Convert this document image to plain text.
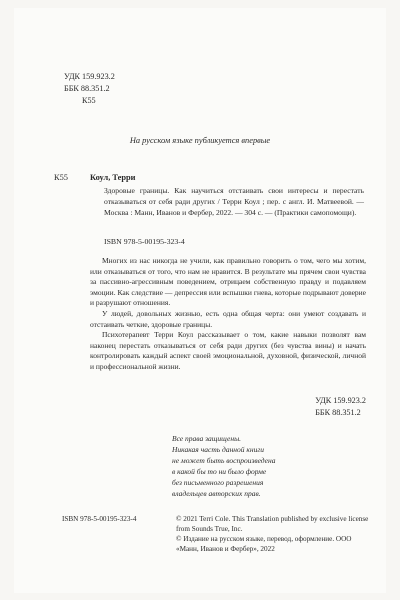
УДК 159.923.2
ББК 88.351.2
К55
На русском языке публикуется впервые
К55	Коул, Терри

Здоровые границы. Как научиться отстаивать свои интересы и перестать отказываться от себя ради других / Терри Коул ; пер. с англ. И. Матвеевой. — Москва : Манн, Иванов и Фербер, 2022. — 304 с. — (Практики самопомощи).

ISBN 978-5-00195-323-4

Многих из нас никогда не учили, как правильно говорить о том, чего мы хотим, или отказываться от того, что нам не нравится. В результате мы прячем свои чувства за пассивно-агрессивным поведением, отрицаем собственную правду и подавляем эмоции. Как следствие — депрессия или вспышки гнева, которые подрывают доверие и разрушают отношения.

У людей, довольных жизнью, есть одна общая черта: они умеют создавать и отстаивать четкие, здоровые границы.

Психотерапевт Терри Коул рассказывает о том, какие навыки позволят вам наконец перестать отказываться от себя ради других (без чувства вины) и начать контролировать каждый аспект своей эмоциональной, духовной, физической, личной и профессиональной жизни.

УДК 159.923.2
ББК 88.351.2
Все права защищены.
Никакая часть данной книги
не может быть воспроизведена
в какой бы то ни было форме
без письменного разрешения
владельцев авторских прав.
ISBN 978-5-00195-323-4	© 2021 Terri Cole. This Translation published by exclusive license from Sounds True, Inc.

© Издание на русском языке, перевод, оформление. ООО «Манн, Иванов и Фербер», 2022
